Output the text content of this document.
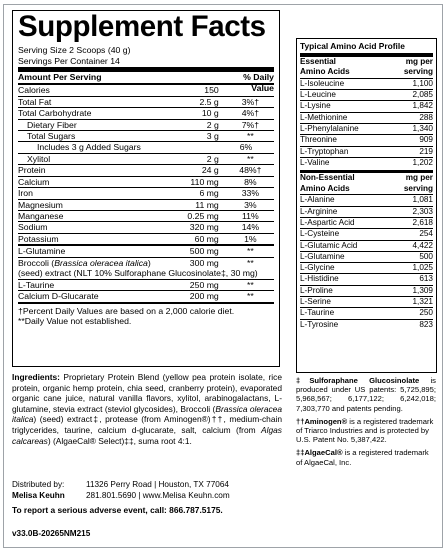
Supplement Facts
Serving Size 2 Scoops (40 g)
Servings Per Container 14
Amount Per Serving	% Daily Value
Calories	150
Total Fat	2.5 g	3%†
Total Carbohydrate	10 g	4%†
Dietary Fiber	2 g	7%†
Total Sugars	3 g	**
Includes 3 g Added Sugars	6%
Xylitol	2 g	**
Protein	24 g	48%†
Calcium	110 mg	8%
Iron	6 mg	33%
Magnesium	11 mg	3%
Manganese	0.25 mg	11%
Sodium	320 mg	14%
Potassium	60 mg	1%
L-Glutamine	500 mg	**
Broccoli (Brassica oleracea italica)	300 mg	**
(seed) extract (NLT 10% Sulforaphane Glucosinolate‡, 30 mg)
L-Taurine	250 mg	**
Calcium D-Glucarate	200 mg	**
†Percent Daily Values are based on a 2,000 calorie diet.
**Daily Value not established.
Typical Amino Acid Profile
Essential
Amino Acids
mg per
serving
L-Isoleucine	1,100
L-Leucine	2,085
L-Lysine	1,842
L-Methionine	288
L-Phenylalanine	1,340
Threonine	909
L-Tryptophan	219
L-Valine	1,202
Non-Essential
Amino Acids
mg per
serving
L-Alanine	1,081
L-Arginine	2,303
L-Aspartic Acid	2,618
L-Cysteine	254
L-Glutamic Acid	4,422
L-Glutamine	500
L-Glycine	1,025
L-Histidine	613
L-Proline	1,309
L-Serine	1,321
L-Taurine	250
L-Tyrosine	823

‡Sulforaphane Glucosinolate is produced under US patents: 5,725,895; 5,968,567; 6,177,122; 6,242,018; 7,303,770 and patents pending.

††Aminogen® is a registered trademark of Triarco Industries and is protected by U.S. Patent No. 5,387,422.

‡‡AlgaeCal® is a registered trademark of AlgaeCal, Inc.

Ingredients: Proprietary Protein Blend (yellow pea protein isolate, rice protein, organic hemp protein, chia seed, cranberry protein), evaporated organic cane juice, natural vanilla flavors, xylitol, arabinogalactans, L-glutamine, stevia extract (steviol glycosides), Broccoli (Brassica oleracea italica) (seed) extract‡, protease (from Aminogen®)††, medium-chain triglycerides, taurine, calcium d-glucarate, salt, calcium (from Algas calcareas) (AlgaeCal® Select)‡‡, suma root 4:1.
Distributed by:	11326 Perry Road | Houston, TX 77064
Melisa Keuhn	281.801.5690 | www.Melisa Keuhn.com
To report a serious adverse event, call: 866.787.5175.
v33.0B-20265NM215
